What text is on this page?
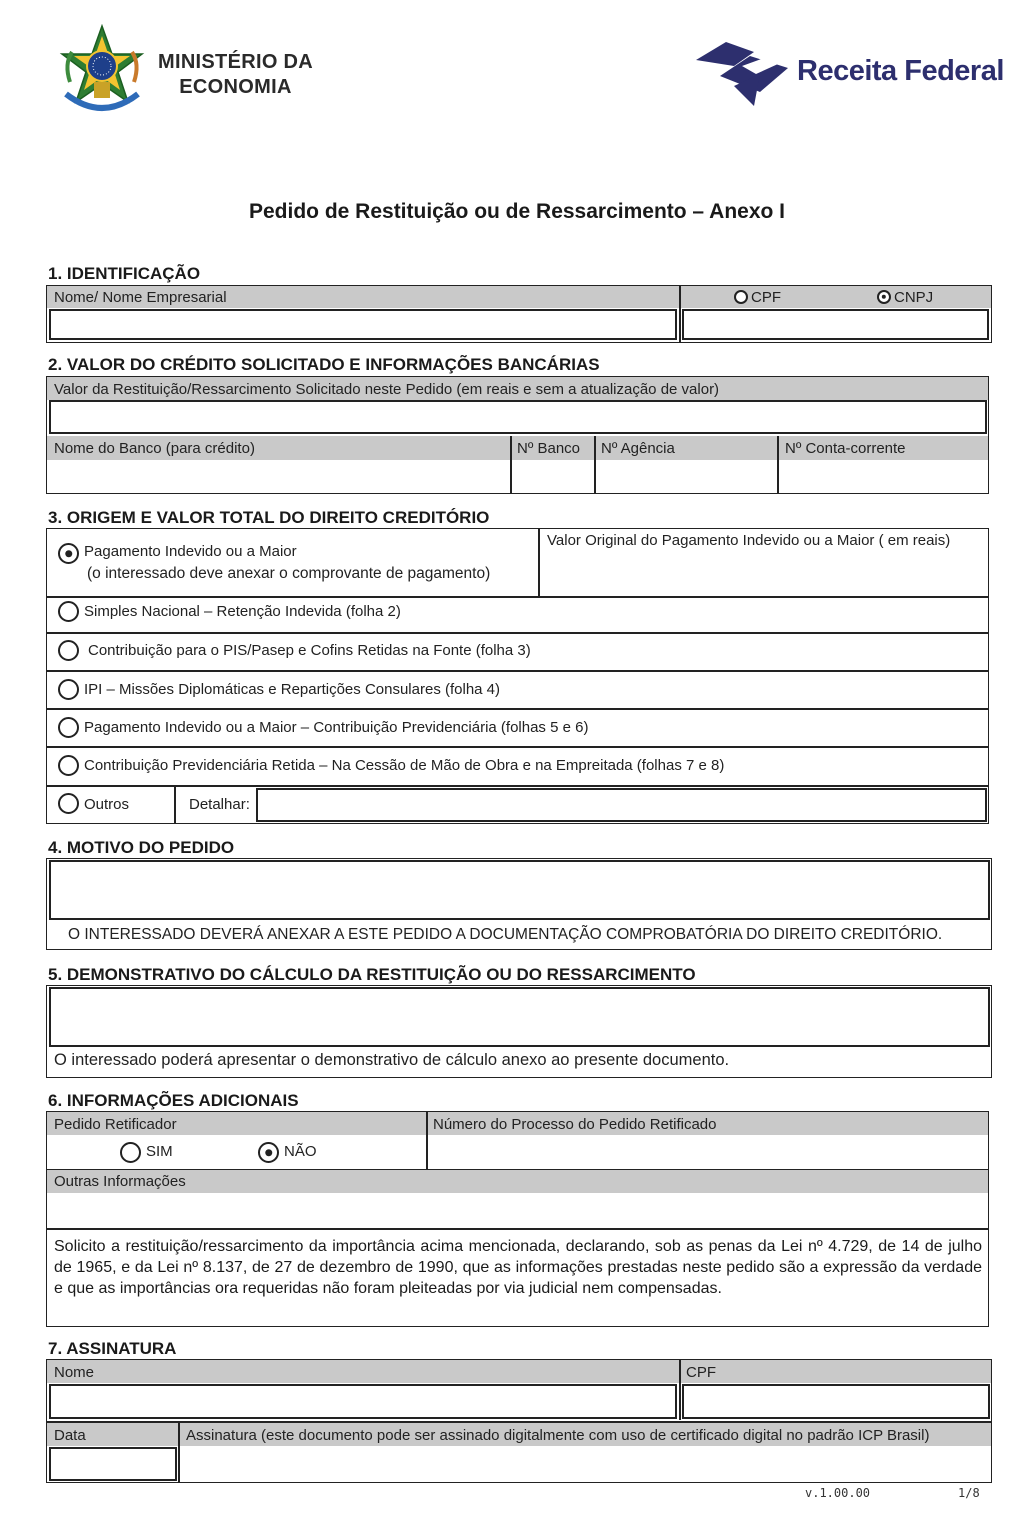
MINISTÉRIO DA
ECONOMIA	Receita Federal
Pedido de Restituição ou de Ressarcimento – Anexo I
1. IDENTIFICAÇÃO
Nome/ Nome Empresarial	CPF	CNPJ
2. VALOR DO CRÉDITO SOLICITADO E INFORMAÇÕES BANCÁRIAS
Valor da Restituição/Ressarcimento Solicitado neste Pedido (em reais e sem a atualização de valor)
Nome do Banco (para crédito)	Nº Banco Nº Agência	Nº Conta-corrente
3. ORIGEM E VALOR TOTAL DO DIREITO CREDITÓRIO
Pagamento Indevido ou a Maior
(o interessado deve anexar o comprovante de pagamento)
Valor Original do Pagamento Indevido ou a Maior ( em reais)
Simples Nacional – Retenção Indevida (folha 2)
Contribuição para o PIS/Pasep e Cofins Retidas na Fonte (folha 3)
IPI – Missões Diplomáticas e Repartições Consulares (folha 4)
Pagamento Indevido ou a Maior – Contribuição Previdenciária (folhas 5 e 6)
Contribuição Previdenciária Retida – Na Cessão de Mão de Obra e na Empreitada (folhas 7 e 8)
Outros	Detalhar:
4. MOTIVO DO PEDIDO
O INTERESSADO DEVERÁ ANEXAR A ESTE PEDIDO A DOCUMENTAÇÃO COMPROBATÓRIA DO DIREITO CREDITÓRIO.
5. DEMONSTRATIVO DO CÁLCULO DA RESTITUIÇÃO OU DO RESSARCIMENTO
O interessado poderá apresentar o demonstrativo de cálculo anexo ao presente documento.
6. INFORMAÇÕES ADICIONAIS
Pedido Retificador	Número do Processo do Pedido Retificado
SIM	NÃO
Outras Informações
Solicito a restituição/ressarcimento da importância acima mencionada, declarando, sob as penas da Lei nº 4.729, de 14 de julho de 1965, e da Lei nº 8.137, de 27 de dezembro de 1990, que as informações prestadas neste pedido são a expressão da verdade e que as importâncias ora requeridas não foram pleiteadas por via judicial nem compensadas.
7. ASSINATURA
Nome	CPF
Data	Assinatura (este documento pode ser assinado digitalmente com uso de certificado digital no padrão ICP Brasil)
v.1.00.00	1/8
